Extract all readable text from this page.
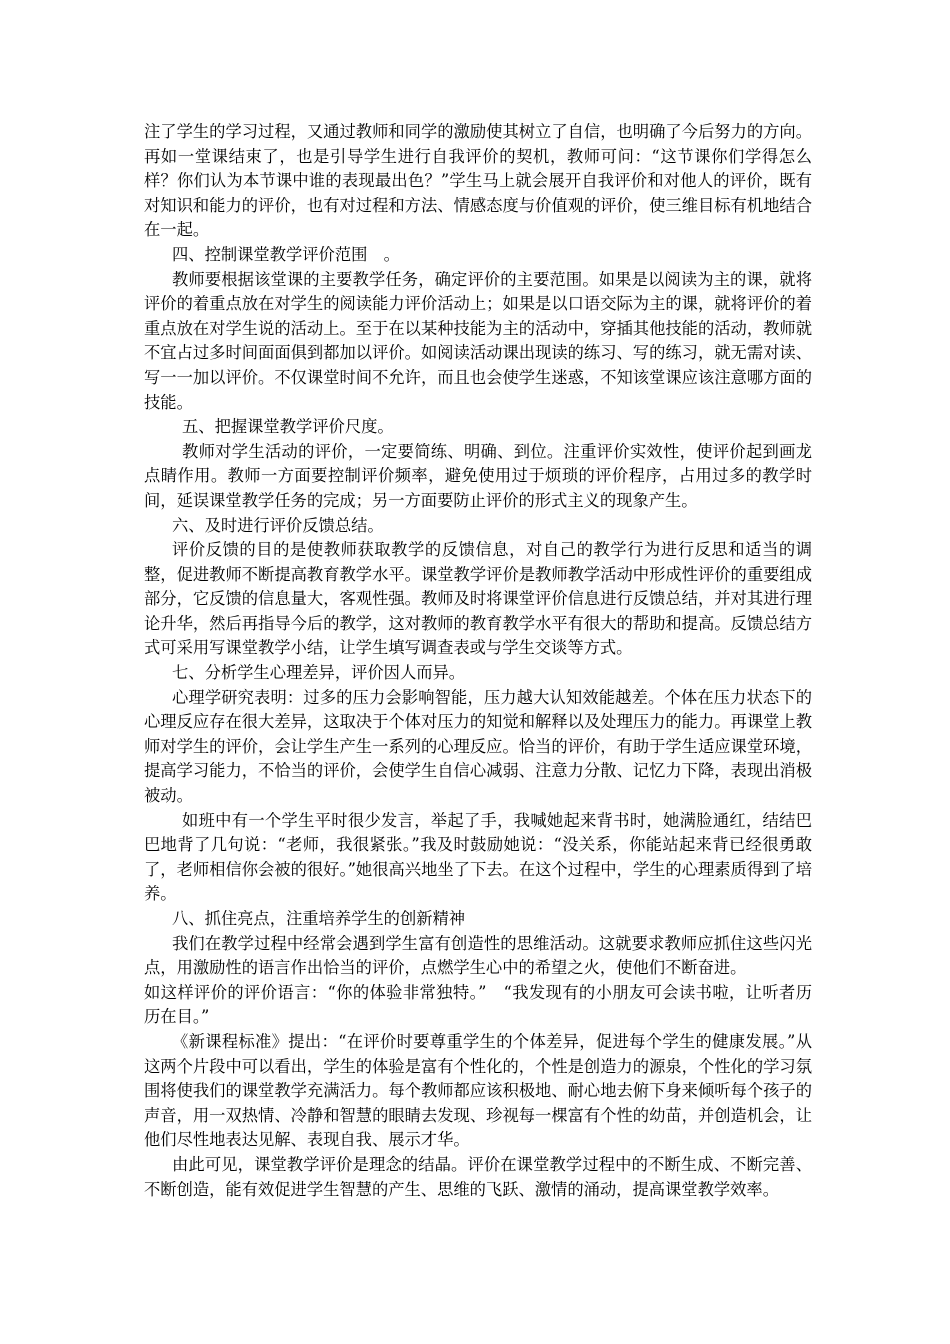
注了学生的学习过程，又通过教师和同学的激励使其树立了自信，也明确了今后努力的方向。再如一堂课结束了，也是引导学生进行自我评价的契机，教师可问：“这节课你们学得怎么样？你们认为本节课中谁的表现最出色？”学生马上就会展开自我评价和对他人的评价，既有对知识和能力的评价，也有对过程和方法、情感态度与价值观的评价，使三维目标有机地结合在一起。

四、控制课堂教学评价范围　。

教师要根据该堂课的主要教学任务，确定评价的主要范围。如果是以阅读为主的课，就将评价的着重点放在对学生的阅读能力评价活动上；如果是以口语交际为主的课，就将评价的着重点放在对学生说的活动上。至于在以某种技能为主的活动中，穿插其他技能的活动，教师就不宜占过多时间面面俱到都加以评价。如阅读活动课出现读的练习、写的练习，就无需对读、写一一加以评价。不仅课堂时间不允许，而且也会使学生迷惑，不知该堂课应该注意哪方面的技能。

五、把握课堂教学评价尺度。

教师对学生活动的评价，一定要简练、明确、到位。注重评价实效性，使评价起到画龙点睛作用。教师一方面要控制评价频率，避免使用过于烦琐的评价程序，占用过多的教学时间，延误课堂教学任务的完成；另一方面要防止评价的形式主义的现象产生。

六、及时进行评价反馈总结。

评价反馈的目的是使教师获取教学的反馈信息，对自己的教学行为进行反思和适当的调整，促进教师不断提高教育教学水平。课堂教学评价是教师教学活动中形成性评价的重要组成部分，它反馈的信息量大，客观性强。教师及时将课堂评价信息进行反馈总结，并对其进行理论升华，然后再指导今后的教学，这对教师的教育教学水平有很大的帮助和提高。反馈总结方式可采用写课堂教学小结，让学生填写调查表或与学生交谈等方式。

七、分析学生心理差异，评价因人而异。

心理学研究表明：过多的压力会影响智能，压力越大认知效能越差。个体在压力状态下的心理反应存在很大差异，这取决于个体对压力的知觉和解释以及处理压力的能力。再课堂上教师对学生的评价，会让学生产生一系列的心理反应。恰当的评价，有助于学生适应课堂环境，提高学习能力，不恰当的评价，会使学生自信心减弱、注意力分散、记忆力下降，表现出消极被动。

如班中有一个学生平时很少发言，举起了手，我喊她起来背书时，她满脸通红，结结巴巴地背了几句说：“老师，我很紧张。”我及时鼓励她说：“没关系，你能站起来背已经很勇敢了，老师相信你会被的很好。”她很高兴地坐了下去。在这个过程中，学生的心理素质得到了培养。

八、抓住亮点，注重培养学生的创新精神

我们在教学过程中经常会遇到学生富有创造性的思维活动。这就要求教师应抓住这些闪光点，用激励性的语言作出恰当的评价，点燃学生心中的希望之火，使他们不断奋进。

如这样评价的评价语言：“你的体验非常独特。”　“我发现有的小朋友可会读书啦，让听者历历在目。”

《新课程标准》提出：“在评价时要尊重学生的个体差异，促进每个学生的健康发展。”从这两个片段中可以看出，学生的体验是富有个性化的，个性是创造力的源泉，个性化的学习氛围将使我们的课堂教学充满活力。每个教师都应该积极地、耐心地去俯下身来倾听每个孩子的声音，用一双热情、冷静和智慧的眼睛去发现、珍视每一棵富有个性的幼苗，并创造机会，让他们尽性地表达见解、表现自我、展示才华。

由此可见，课堂教学评价是理念的结晶。评价在课堂教学过程中的不断生成、不断完善、不断创造，能有效促进学生智慧的产生、思维的飞跃、激情的涌动，提高课堂教学效率。
